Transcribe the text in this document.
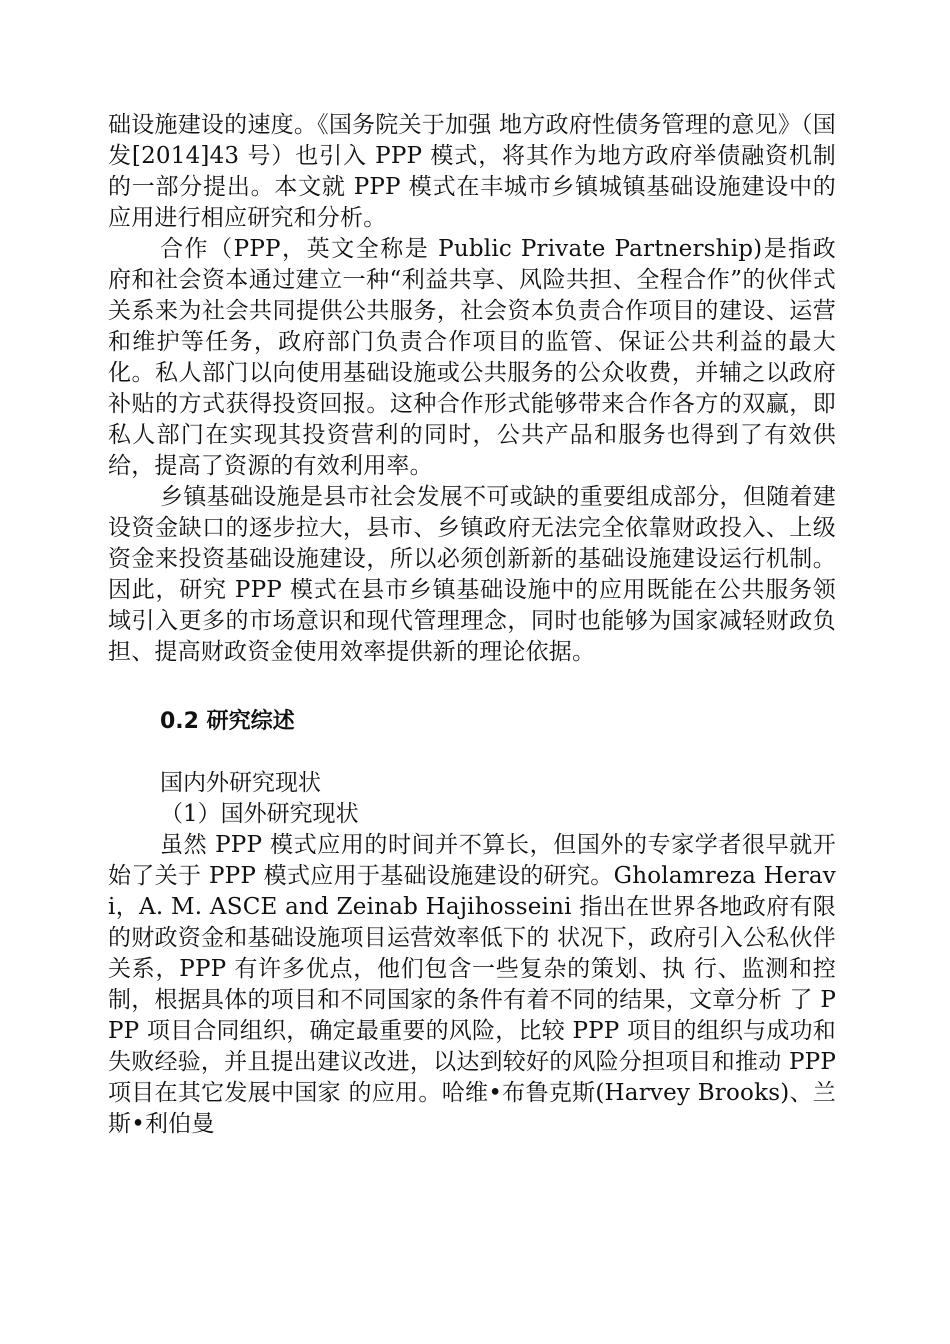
础设施建设的速度。《国务院关于加强 地方政府性债务管理的意见》（国发[2014]43 号）也引入 PPP 模式，将其作为地方政府举债融资机制的一部分提出。本文就 PPP 模式在丰城市乡镇城镇基础设施建设中的应用进行相应研究和分析。

合作（PPP，英文全称是 Public Private Partnership)是指政府和社会资本通过建立一种“利益共享、风险共担、全程合作”的伙伴式关系来为社会共同提供公共服务，社会资本负责合作项目的建设、运营和维护等任务，政府部门负责合作项目的监管、保证公共利益的最大化。私人部门以向使用基础设施或公共服务的公众收费，并辅之以政府补贴的方式获得投资回报。这种合作形式能够带来合作各方的双赢，即私人部门在实现其投资营利的同时，公共产品和服务也得到了有效供给，提高了资源的有效利用率。

乡镇基础设施是县市社会发展不可或缺的重要组成部分，但随着建设资金缺口的逐步拉大，县市、乡镇政府无法完全依靠财政投入、上级资金来投资基础设施建设，所以必须创新新的基础设施建设运行机制。因此，研究 PPP 模式在县市乡镇基础设施中的应用既能在公共服务领域引入更多的市场意识和现代管理理念，同时也能够为国家减轻财政负担、提高财政资金使用效率提供新的理论依据。

0.2 研究综述

国内外研究现状

（1）国外研究现状

虽然 PPP 模式应用的时间并不算长，但国外的专家学者很早就开始了关于 PPP 模式应用于基础设施建设的研究。Gholamreza Heravi，A. M. ASCE and Zeinab Hajihosseini 指出在世界各地政府有限的财政资金和基础设施项目运营效率低下的 状况下，政府引入公私伙伴关系，PPP 有许多优点，他们包含一些复杂的策划、执 行、监测和控制，根据具体的项目和不同国家的条件有着不同的结果，文章分析 了 PPP 项目合同组织，确定最重要的风险，比较 PPP 项目的组织与成功和失败经验，并且提出建议改进，以达到较好的风险分担项目和推动 PPP 项目在其它发展中国家 的应用。哈维•布鲁克斯(Harvey Brooks)、兰斯•利伯曼
